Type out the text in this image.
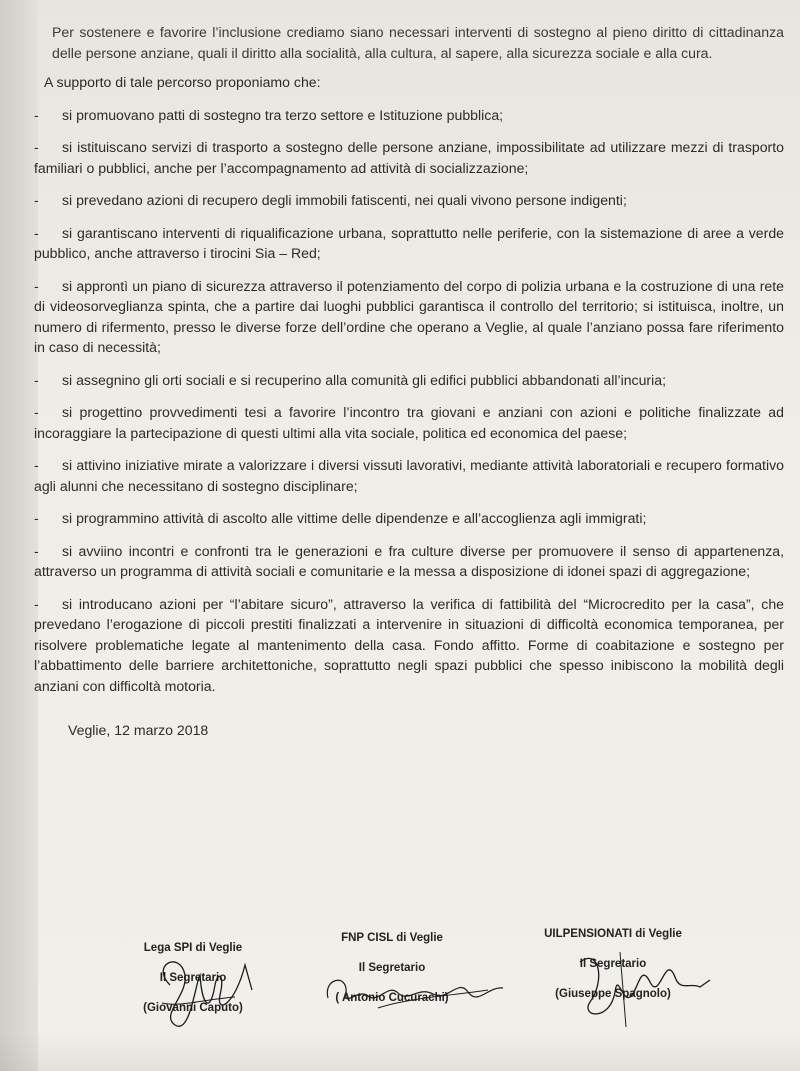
Per sostenere e favorire l’inclusione crediamo siano necessari interventi di sostegno al pieno diritto di cittadinanza delle persone anziane, quali il diritto alla socialità, alla cultura, al sapere, alla sicurezza sociale e alla cura.

A supporto di tale percorso proponiamo che:

- si promuovano patti di sostegno tra terzo settore e Istituzione pubblica;

- si istituiscano servizi di trasporto a sostegno delle persone anziane, impossibilitate ad utilizzare mezzi di trasporto familiari o pubblici, anche per l’accompagnamento ad attività di socializzazione;

- si prevedano azioni di recupero degli immobili fatiscenti, nei quali vivono persone indigenti;

- si garantiscano interventi di riqualificazione urbana, soprattutto nelle periferie, con la sistemazione di aree a verde pubblico, anche attraverso i tirocini Sia – Red;

- si approntì un piano di sicurezza attraverso il potenziamento del corpo di polizia urbana e la costruzione di una rete di videosorveglianza spinta, che a partire dai luoghi pubblici garantisca il controllo del territorio; si istituisca, inoltre, un numero di rifermento, presso le diverse forze dell’ordine che operano a Veglie, al quale l’anziano possa fare riferimento in caso di necessità;

- si assegnino gli orti sociali e si recuperino alla comunità gli edifici pubblici abbandonati all’incuria;

- si progettino provvedimenti tesi a favorire l’incontro tra giovani e anziani con azioni e politiche finalizzate ad incoraggiare la partecipazione di questi ultimi alla vita sociale, politica ed economica del paese;

- si attivino iniziative mirate a valorizzare i diversi vissuti lavorativi, mediante attività laboratoriali e recupero formativo agli alunni che necessitano di sostegno disciplinare;

- si programmino attività di ascolto alle vittime delle dipendenze e all’accoglienza agli immigrati;

- si avviino incontri e confronti tra le generazioni e fra culture diverse per promuovere il senso di appartenenza, attraverso un programma di attività sociali e comunitarie e la messa a disposizione di idonei spazi di aggregazione;

- si introducano azioni per “l’abitare sicuro”, attraverso la verifica di fattibilità del “Microcredito per la casa”, che prevedano l’erogazione di piccoli prestiti finalizzati a intervenire in situazioni di difficoltà economica temporanea, per risolvere problematiche legate al mantenimento della casa. Fondo affitto. Forme di coabitazione e sostegno per l’abbattimento delle barriere architettoniche, soprattutto negli spazi pubblici che spesso inibiscono la mobilità degli anziani con difficoltà motoria.

Veglie, 12 marzo 2018

Lega SPI di Veglie
Il Segretario
(Giovanni Caputo)
FNP CISL di Veglie
Il Segretario
( Antonio Cucurachi)
UILPENSIONATI di Veglie
Il Segretario
(Giuseppe Spagnolo)
